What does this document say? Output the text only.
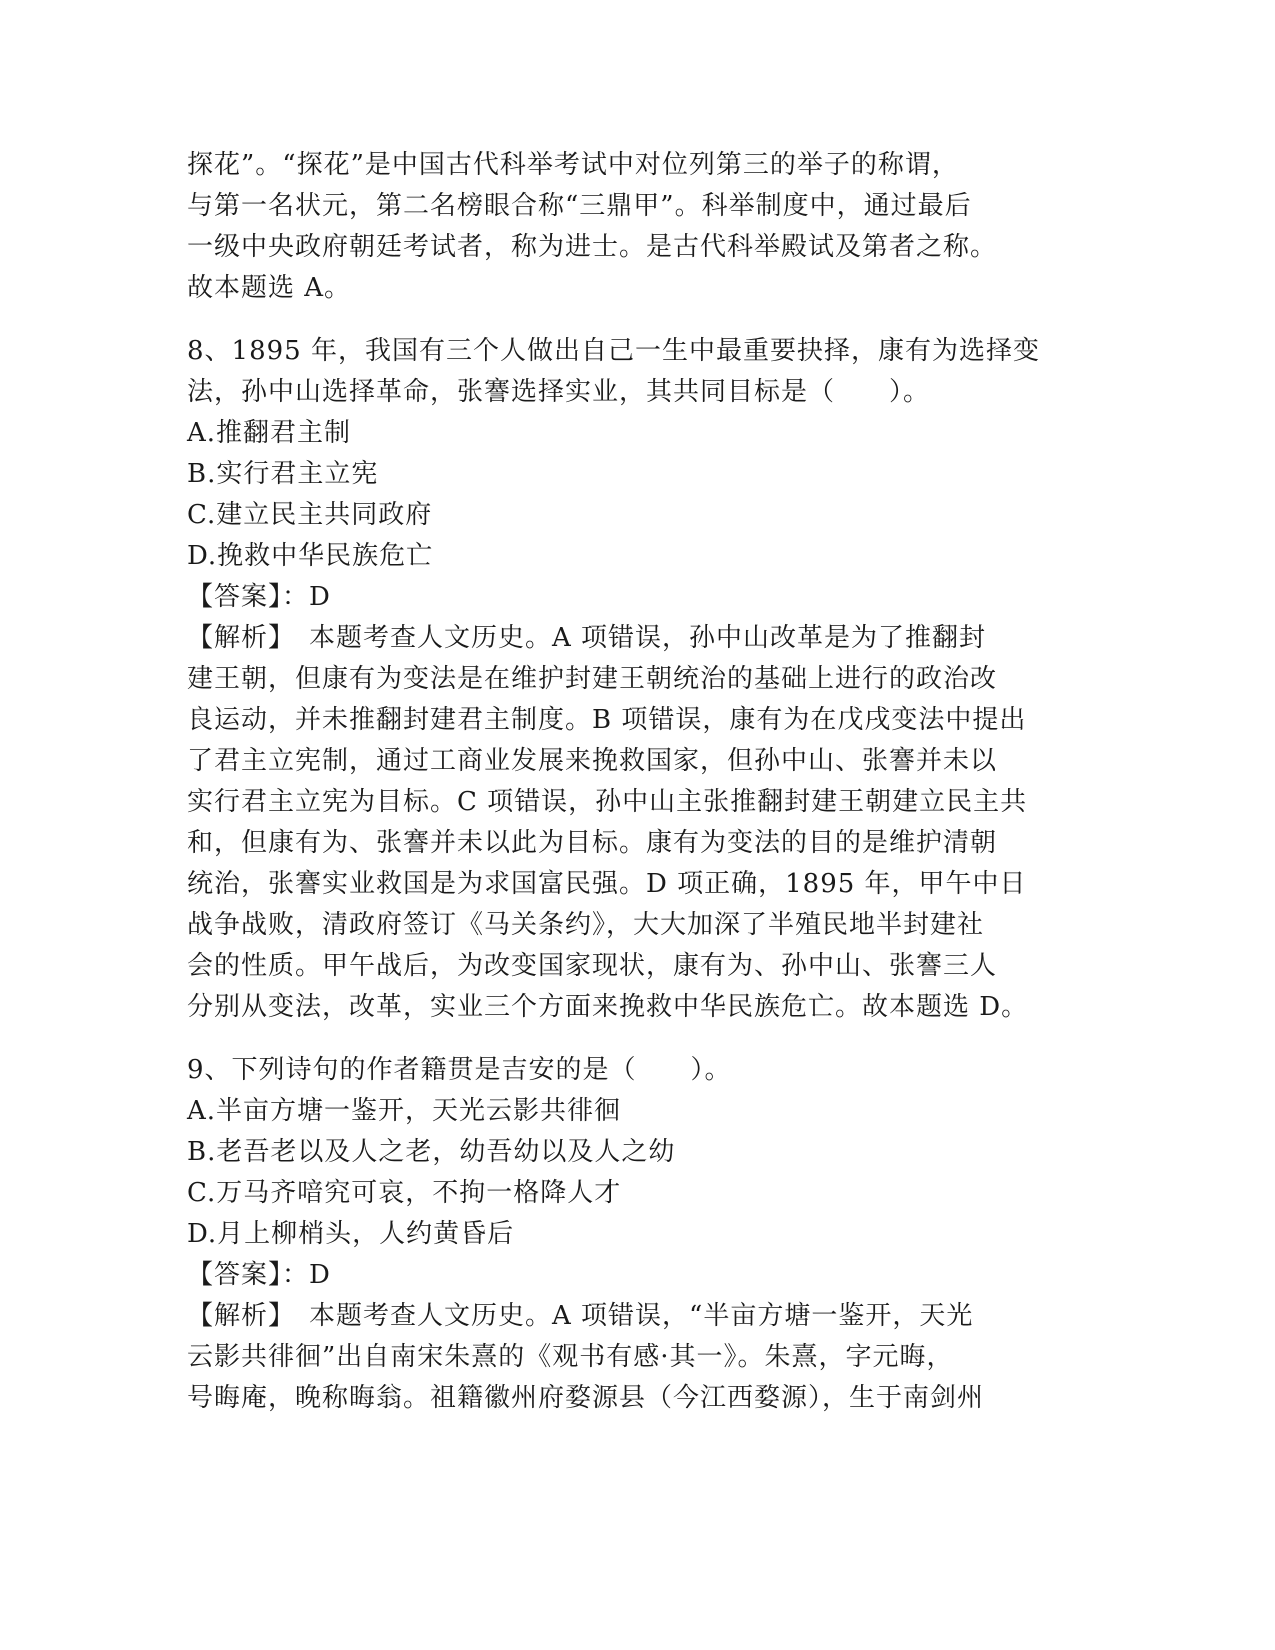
探花”。“探花”是中国古代科举考试中对位列第三的举子的称谓，
与第一名状元，第二名榜眼合称“三鼎甲”。科举制度中，通过最后
一级中央政府朝廷考试者，称为进士。是古代科举殿试及第者之称。
故本题选 A。
8、1895 年，我国有三个人做出自己一生中最重要抉择，康有为选择变
法，孙中山选择革命，张謇选择实业，其共同目标是（　　）。
A.推翻君主制
B.实行君主立宪
C.建立民主共同政府
D.挽救中华民族危亡
【答案】：D
【解析】　本题考查人文历史。A 项错误，孙中山改革是为了推翻封
建王朝，但康有为变法是在维护封建王朝统治的基础上进行的政治改
良运动，并未推翻封建君主制度。B 项错误，康有为在戊戌变法中提出
了君主立宪制，通过工商业发展来挽救国家，但孙中山、张謇并未以
实行君主立宪为目标。C 项错误，孙中山主张推翻封建王朝建立民主共
和，但康有为、张謇并未以此为目标。康有为变法的目的是维护清朝
统治，张謇实业救国是为求国富民强。D 项正确，1895 年，甲午中日
战争战败，清政府签订《马关条约》，大大加深了半殖民地半封建社
会的性质。甲午战后，为改变国家现状，康有为、孙中山、张謇三人
分别从变法，改革，实业三个方面来挽救中华民族危亡。故本题选 D。
9、下列诗句的作者籍贯是吉安的是（　　）。
A.半亩方塘一鉴开，天光云影共徘徊
B.老吾老以及人之老，幼吾幼以及人之幼
C.万马齐喑究可哀，不拘一格降人才
D.月上柳梢头，人约黄昏后
【答案】：D
【解析】　本题考查人文历史。A 项错误，“半亩方塘一鉴开，天光
云影共徘徊”出自南宋朱熹的《观书有感·其一》。朱熹，字元晦，
号晦庵，晚称晦翁。祖籍徽州府婺源县（今江西婺源），生于南剑州
